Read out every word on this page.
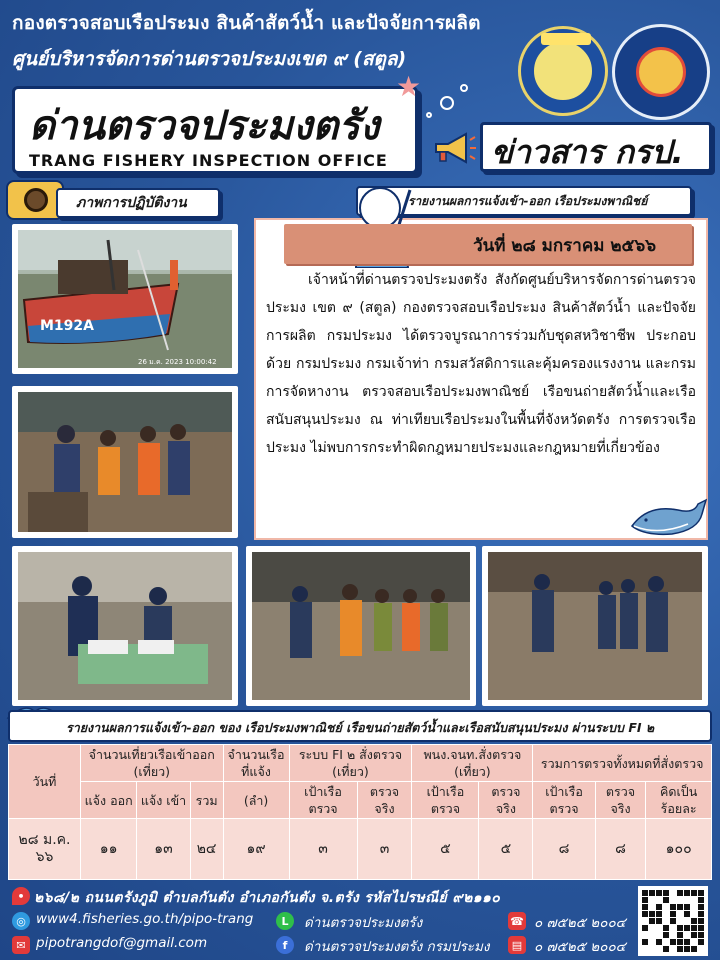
กองตรวจสอบเรือประมง สินค้าสัตว์น้ำ และปัจจัยการผลิต
ศูนย์บริหารจัดการด่านตรวจประมงเขต ๙ (สตูล)
ด่านตรวจประมงตรัง
TRANG FISHERY INSPECTION OFFICE
★
ข่าวสาร กรป.
ภาพการปฏิบัติงาน	รายงานผลการแจ้งเข้า-ออก เรือประมงพาณิชย์
วันที่ ๒๘ มกราคม ๒๕๖๖
เจ้าหน้าที่ด่านตรวจประมงตรัง สังกัดศูนย์บริหารจัดการด่านตรวจประมง เขต ๙ (สตูล) กองตรวจสอบเรือประมง สินค้าสัตว์น้ำ และปัจจัยการผลิต กรมประมง ได้ตรวจบูรณาการร่วมกับชุดสหวิชาชีพ ประกอบด้วย กรมประมง กรมเจ้าท่า กรมสวัสดิการและคุ้มครองแรงงาน และกรมการจัดหางาน ตรวจสอบเรือประมงพาณิชย์ เรือขนถ่ายสัตว์น้ำและเรือสนับสนุนประมง ณ ท่าเทียบเรือประมงในพื้นที่จังหวัดตรัง การตรวจเรือประมง ไม่พบการกระทำผิดกฎหมายประมงและกฎหมายที่เกี่ยวข้อง
M192A
26 ม.ค. 2023 10:00:42
รายงานผลการแจ้งเข้า-ออก ของ เรือประมงพาณิชย์ เรือขนถ่ายสัตว์น้ำและเรือสนับสนุนประมง ผ่านระบบ FI ๒
วันที่	จำนวนเที่ยวเรือเข้าออก (เที่ยว)			จำนวนเรือ ที่แจ้ง	ระบบ FI ๒ สั่งตรวจ (เที่ยว)		พนง.จนท.สั่งตรวจ (เที่ยว)		รวมการตรวจทั้งหมดที่สั่งตรวจ		
	แจ้ง ออก	แจ้ง เข้า	รวม	(ลำ)	เป้าเรือ ตรวจ	ตรวจ จริง	เป้าเรือ ตรวจ	ตรวจ จริง	เป้าเรือ ตรวจ	ตรวจ จริง	คิดเป็น ร้อยละ
๒๘ ม.ค. ๖๖	๑๑	๑๓	๒๔	๑๙	๓	๓	๕	๕	๘	๘	๑๐๐
• ๒๖๘/๒ ถนนตรังภูมิ ตำบลกันตัง อำเภอกันตัง จ.ตรัง รหัสไปรษณีย์ ๙๒๑๑๐
◎ www4.fisheries.go.th/pipo-trang	L	ด่านตรวจประมงตรัง	☎ ๐ ๗๕๒๕ ๒๐๐๔
✉ pipotrangdof@gmail.com	f	ด่านตรวจประมงตรัง กรมประมง	▤ ๐ ๗๕๒๕ ๒๐๐๔
